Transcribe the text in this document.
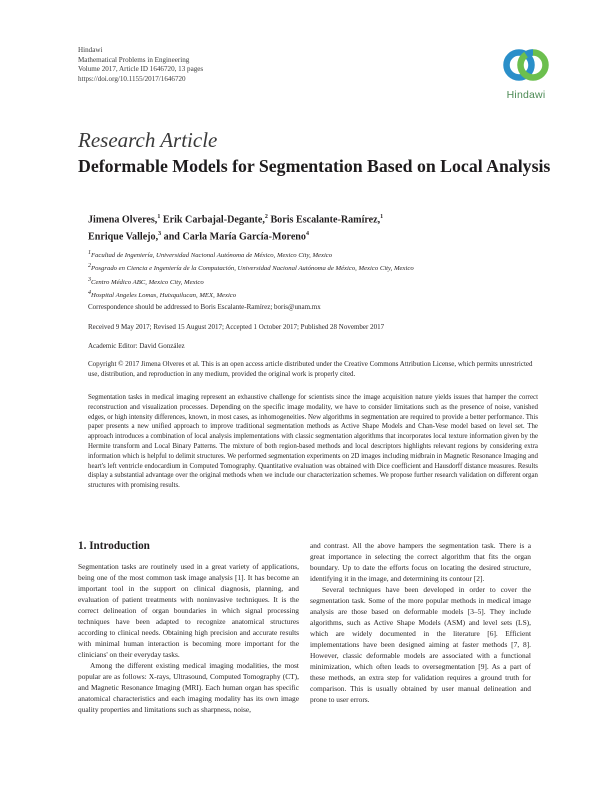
Hindawi
Mathematical Problems in Engineering
Volume 2017, Article ID 1646720, 13 pages
https://doi.org/10.1155/2017/1646720
Hindawi
Research Article
Deformable Models for Segmentation Based on Local Analysis
Jimena Olveres,$^1$ Erik Carbajal-Degante,$^2$ Boris Escalante-Ramírez,$^1$
Enrique Vallejo,$^3$ and Carla María García-Moreno$^4$
$^1$Facultad de Ingeniería, Universidad Nacional Autónoma de México, Mexico City, Mexico
$^2$Posgrado en Ciencia e Ingeniería de la Computación, Universidad Nacional Autónoma de México, Mexico City, Mexico
$^3$Centro Médico ABC, Mexico City, Mexico
$^4$Hospital Angeles Lomas, Huixquilucan, MEX, Mexico
Correspondence should be addressed to Boris Escalante-Ramírez; boris@unam.mx
Received 9 May 2017; Revised 15 August 2017; Accepted 1 October 2017; Published 28 November 2017
Academic Editor: David González
Copyright © 2017 Jimena Olveres et al. This is an open access article distributed under the Creative Commons Attribution License, which permits unrestricted use, distribution, and reproduction in any medium, provided the original work is properly cited.
Segmentation tasks in medical imaging represent an exhaustive challenge for scientists since the image acquisition nature yields issues that hamper the correct reconstruction and visualization processes. Depending on the specific image modality, we have to consider limitations such as the presence of noise, vanished edges, or high intensity differences, known, in most cases, as inhomogeneities. New algorithms in segmentation are required to provide a better performance. This paper presents a new unified approach to improve traditional segmentation methods as Active Shape Models and Chan-Vese model based on level set. The approach introduces a combination of local analysis implementations with classic segmentation algorithms that incorporates local texture information given by the Hermite transform and Local Binary Patterns. The mixture of both region-based methods and local descriptors highlights relevant regions by considering extra information which is helpful to delimit structures. We performed segmentation experiments on 2D images including midbrain in Magnetic Resonance Imaging and heart's left ventricle endocardium in Computed Tomography. Quantitative evaluation was obtained with Dice coefficient and Hausdorff distance measures. Results display a substantial advantage over the original methods when we include our characterization schemes. We propose further research validation on different organ structures with promising results.
1. Introduction

Segmentation tasks are routinely used in a great variety of applications, being one of the most common task image analysis [1]. It has become an important tool in the support on clinical diagnosis, planning, and evaluation of patient treatments with noninvasive techniques. It is the correct delineation of organ boundaries in which signal processing techniques have been adapted to recognize anatomical structures according to clinical needs. Obtaining high precision and accurate results with minimal human interaction is becoming more important for the clinicians' on their everyday tasks.

Among the different existing medical imaging modalities, the most popular are as follows: X-rays, Ultrasound, Computed Tomography (CT), and Magnetic Resonance Imaging (MRI). Each human organ has specific anatomical characteristics and each imaging modality has its own image quality properties and limitations such as sharpness, noise,

and contrast. All the above hampers the segmentation task. There is a great importance in selecting the correct algorithm that fits the organ boundary. Up to date the efforts focus on locating the desired structure, identifying it in the image, and determining its contour [2].

Several techniques have been developed in order to cover the segmentation task. Some of the more popular methods in medical image analysis are those based on deformable models [3–5]. They include algorithms, such as Active Shape Models (ASM) and level sets (LS), which are widely documented in the literature [6]. Efficient implementations have been designed aiming at faster methods [7, 8]. However, classic deformable models are associated with a functional minimization, which often leads to oversegmentation [9]. As a part of these methods, an extra step for validation requires a ground truth for comparison. This is usually obtained by user manual delineation and prone to user errors.
